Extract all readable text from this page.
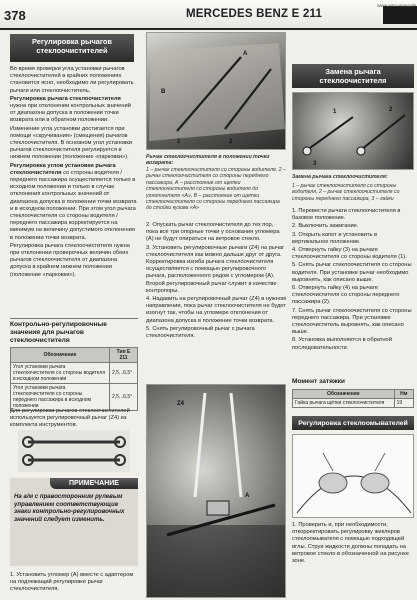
378	MERCEDES BENZ E 211
Регулировка рычагов стеклоочистителей

Во время проверки угла установки рычагов стеклоочистителей в крайних положениях становится ясно, необходимо ли регулировать рычаги или стеклоочиститель.

Регулировка рычага стеклоочистителя нужна при отклонении контрольных значений от диапазона допуска в положении точки возврата или в обратном положении.

Изменение угла установки достигается при помощи «скручивания» (смещения) рычагов стеклоочистителя. В основном угол установки рычагов стеклоочистителя регулируется в нижнем положении (положение «парковки»).

Регулировка углов установки рычага стеклоочистителя со стороны водителя / переднего пассажира осуществляется только в исходном положении и только в случае отклонения контрольных значений от диапазона допуска в положении точки возврата и в исходном положении. При этом угол рычага стеклоочистителя со стороны водителя / переднего пассажира корректируется на минимум на величину допустимого отклонения в положении точки возврата.

Регулировка рычага стеклоочистителя нужна при отклонении проверочных величин обеих рычагов стеклоочистителя от диапазона допуска в крайнем нижнем положении (положение «парковки»).

Контрольно-регулировочные значения для рычагов стеклоочистителя
Обозначение	Тип E 211
Угол установки рычага стеклоочистителя со стороны водителя в исходном положении	2,5...6,5°
Угол установки рычага стеклоочистителя со стороны переднего пассажира в исходном положении	2,5...6,5°
Для регулировки рычагов стеклоочистителей используется регулировочный рычаг (Z4) из комплекта инструментов.
ПРИМЕЧАНИЕ
На а/м с правосторонним рулевым управлением соответствующие знаки контрольно-регулировочных значений следует изменить.
1. Установить угломер (А) вместе с адаптером на подлежащий регулировке рычаг стеклоочистителя.
A
B
1	2
Рычаг стеклоочистителя в положении точки возврата:
1 – рычаг стеклоочистителя со стороны водителя, 2 – рычаг стеклоочистителя со стороны переднего пассажира, А – расстояние от щетки стеклоочистителя со стороны водителя до уплотнителя «А», В – расстояние от щетки стеклоочистителя со стороны переднего пассажира до стойки кузова «А»

2. Опускать рычаг стеклоочистителя до тех пор, пока все три опорные точки у основания угломера (А) не будут опираться на ветровое стекло.

3. Установить регулировочные рычаги (Z4) на рычаг стеклоочистителя как можно дальше друг от друга. Корректировка изгиба рычага стеклоочистителя осуществляется с помощью регулировочного рычага, расположенного рядом с угломером (А). Второй регулировочный рычаг служит в качестве контропоры.

4. Надавить на регулировочный рычаг (Z4) в нужном направлении, пока рычаг стеклоочистителя не будет изогнут так, чтобы на угломере отклонения от диапазона допуска в положение точки возврата.

5. Снять регулировочный рычаг с рычага стеклоочистителя.

Z4
A
Замена рычага стеклоочистителя
1	2
3
Замена рычага стеклоочистителя:
1 – рычаг стеклоочистителя со стороны водителя, 2 – рычаг стеклоочистителя со стороны переднего пассажира, 3 – гайки

1. Перевести рычаги стеклоочистителя в базовое положение.

2. Выключить зажигание.

3. Открыть капот и установить в вертикальное положение.

4. Отвернуть гайку (3) на рычаге стеклоочистителя со стороны водителя (1).

5. Снять рычаг стеклоочистителя со стороны водителя. При установке рычаг необходимо выровнять, как описано выше.

6. Отвернуть гайку (4) на рычаге стеклоочистителя со стороны переднего пассажира (2).

7. Снять рычаг стеклоочистителя со стороны переднего пассажира. При установке стеклоочиститель выровнять, как описано выше.

8. Установка выполняется в обратной последовательности.

Момент затяжки
Обозначение	Нм
Гайка рычага щётки стеклоочистителя	19
Регулировка стеклоомывателей
1. Проверить и, при необходимости, откорректировать регулировку жиклеров стеклоомывателя с помощью подходящей иглы. Струи жидкости должны попадать на ветровое стекло в обозначенной на рисунке зоне.
www.auto-manuals
